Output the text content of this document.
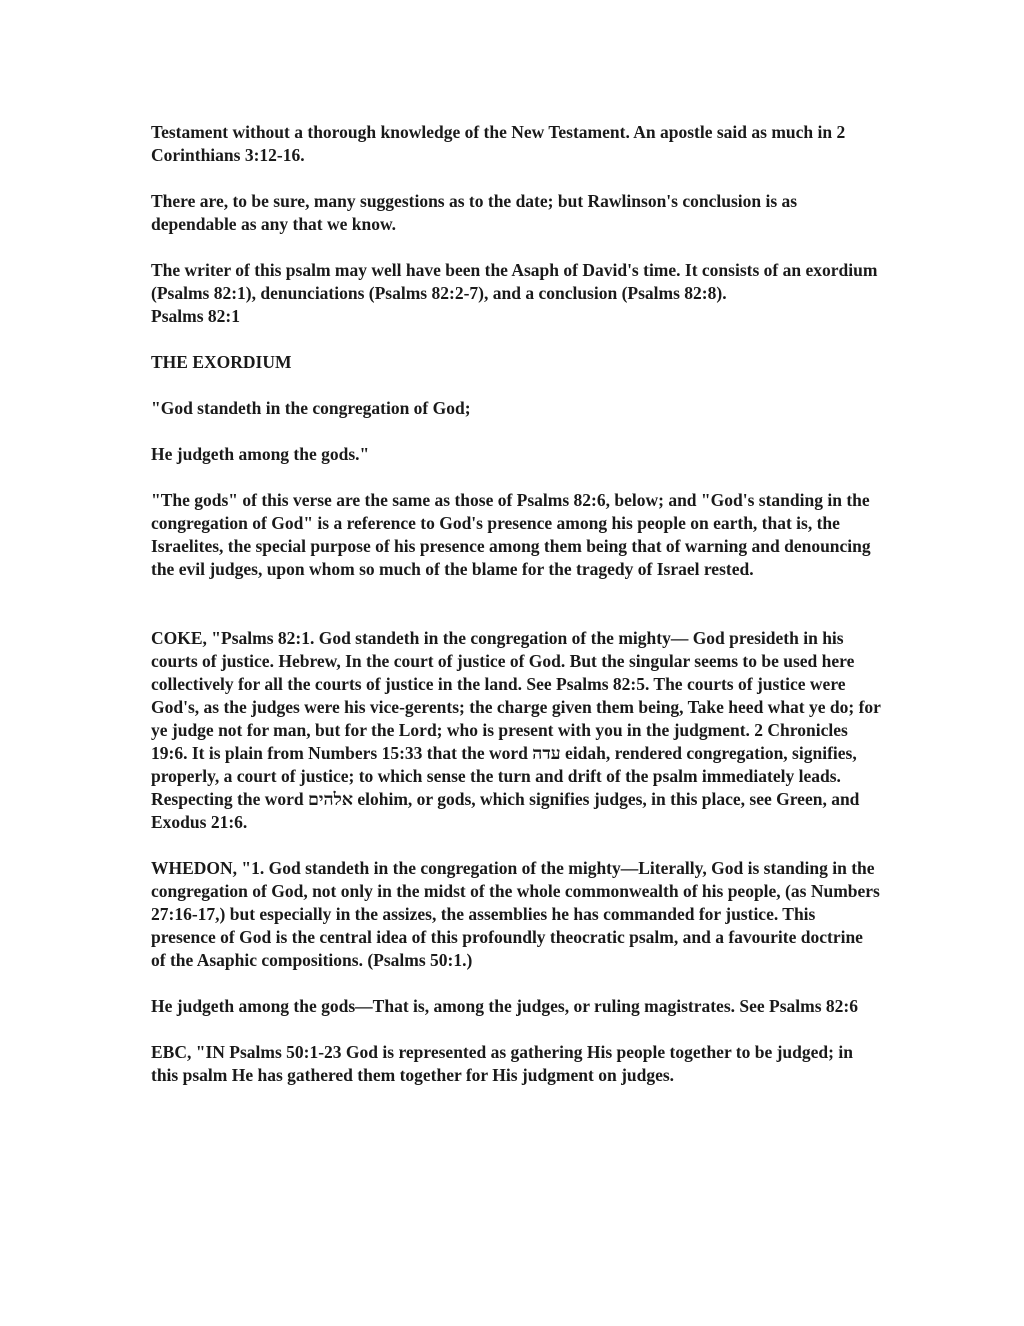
Testament without a thorough knowledge of the New Testament. An apostle said as much in 2 Corinthians 3:12-16.

There are, to be sure, many suggestions as to the date; but Rawlinson's conclusion is as dependable as any that we know.

The writer of this psalm may well have been the Asaph of David's time. It consists of an exordium (Psalms 82:1), denunciations (Psalms 82:2-7), and a conclusion (Psalms 82:8).

Psalms 82:1

THE EXORDIUM

"God standeth in the congregation of God;

He judgeth among the gods."

"The gods" of this verse are the same as those of Psalms 82:6, below; and "God's standing in the congregation of God" is a reference to God's presence among his people on earth, that is, the Israelites, the special purpose of his presence among them being that of warning and denouncing the evil judges, upon whom so much of the blame for the tragedy of Israel rested.

COKE, "Psalms 82:1. God standeth in the congregation of the mighty— God presideth in his courts of justice. Hebrew, In the court of justice of God. But the singular seems to be used here collectively for all the courts of justice in the land. See Psalms 82:5. The courts of justice were God's, as the judges were his vice-gerents; the charge given them being, Take heed what ye do; for ye judge not for man, but for the Lord; who is present with you in the judgment. 2 Chronicles 19:6. It is plain from Numbers 15:33 that the word עדה eidah, rendered congregation, signifies, properly, a court of justice; to which sense the turn and drift of the psalm immediately leads. Respecting the word אלהים elohim, or gods, which signifies judges, in this place, see Green, and Exodus 21:6.

WHEDON, "1. God standeth in the congregation of the mighty—Literally, God is standing in the congregation of God, not only in the midst of the whole commonwealth of his people, (as Numbers 27:16-17,) but especially in the assizes, the assemblies he has commanded for justice. This presence of God is the central idea of this profoundly theocratic psalm, and a favourite doctrine of the Asaphic compositions. (Psalms 50:1.)

He judgeth among the gods—That is, among the judges, or ruling magistrates. See Psalms 82:6

EBC, "IN Psalms 50:1-23 God is represented as gathering His people together to be judged; in this psalm He has gathered them together for His judgment on judges.
